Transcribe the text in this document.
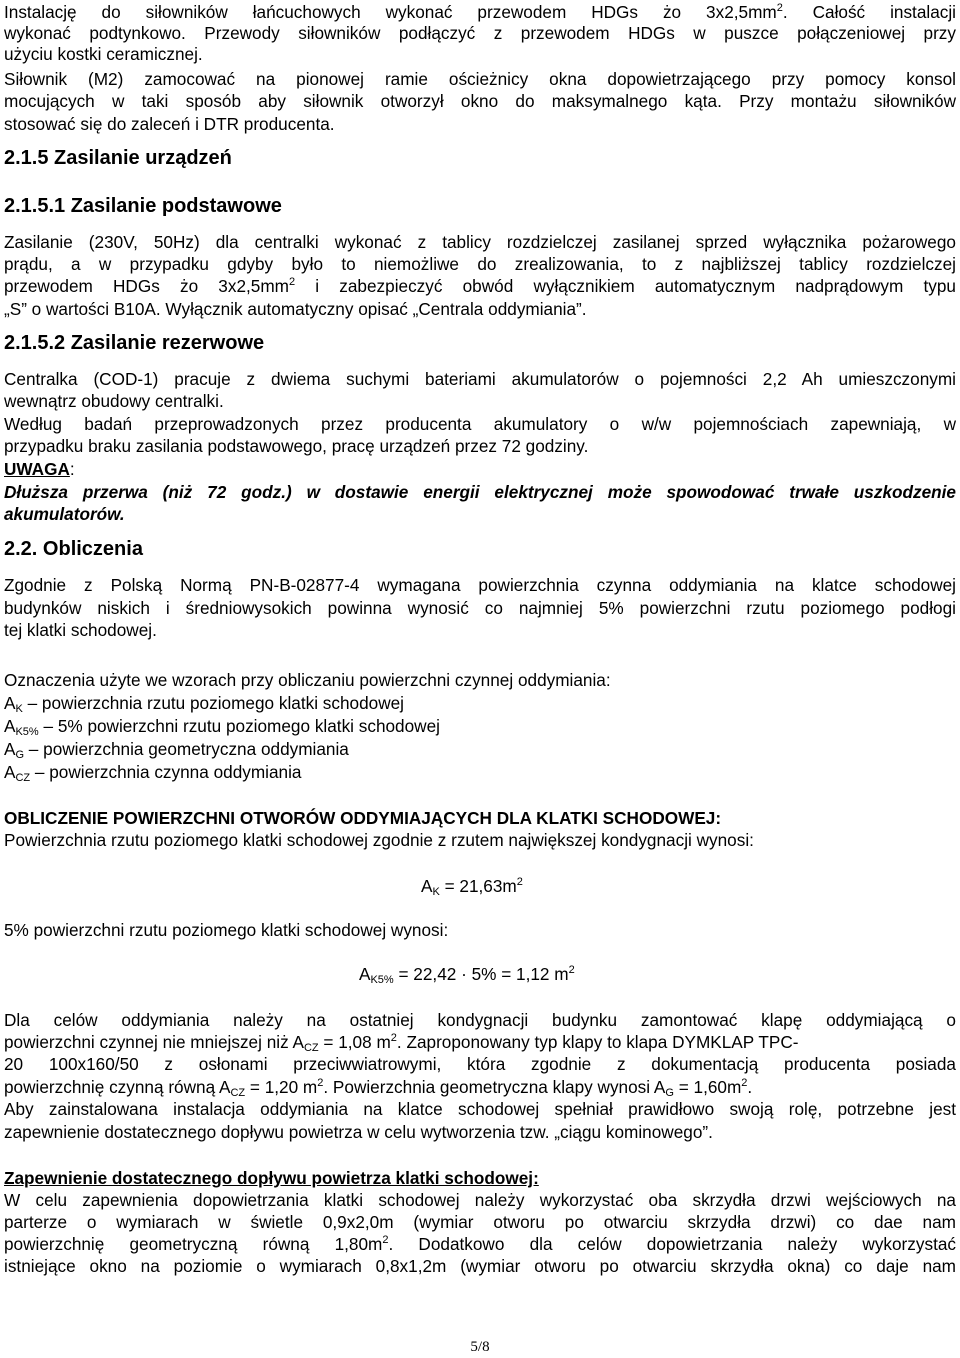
Instalację do siłowników łańcuchowych wykonać przewodem HDGs żo $3x2,5mm^2$. Całość instalacji
wykonać podtynkowo. Przewody siłowników podłączyć z przewodem HDGs w puszce połączeniowej przy
użyciu kostki ceramicznej.
Siłownik (M2) zamocować na pionowej ramie ościeżnicy okna dopowietrzającego przy pomocy konsol
mocujących w taki sposób aby siłownik otworzył okno do maksymalnego kąta. Przy montażu siłowników
stosować się do zaleceń i DTR producenta.
2.1.5 Zasilanie urządzeń
2.1.5.1 Zasilanie podstawowe
Zasilanie (230V, 50Hz) dla centralki wykonać z tablicy rozdzielczej zasilanej sprzed wyłącznika pożarowego
prądu, a w przypadku gdyby było to niemożliwe do zrealizowania, to z najbliższej tablicy rozdzielczej
przewodem HDGs żo $3x2,5mm^2$ i zabezpieczyć obwód wyłącznikiem automatycznym nadprądowym typu
„S” o wartości B10A. Wyłącznik automatyczny opisać „Centrala oddymiania”.
2.1.5.2 Zasilanie rezerwowe
Centralka (COD-1) pracuje z dwiema suchymi bateriami akumulatorów o pojemności 2,2 Ah umieszczonymi
wewnątrz obudowy centralki.
Według badań przeprowadzonych przez producenta akumulatory o w/w pojemnościach zapewniają, w
przypadku braku zasilania podstawowego, pracę urządzeń przez 72 godziny.
UWAGA:
Dłuższa przerwa (niż 72 godz.) w dostawie energii elektrycznej może spowodować trwałe uszkodzenie
akumulatorów.
2.2. Obliczenia
Zgodnie z Polską Normą PN-B-02877-4 wymagana powierzchnia czynna oddymiania na klatce schodowej
budynków niskich i średniowysokich powinna wynosić co najmniej 5% powierzchni rzutu poziomego podłogi
tej klatki schodowej.
Oznaczenia użyte we wzorach przy obliczaniu powierzchni czynnej oddymiania:
$A_K$ – powierzchnia rzutu poziomego klatki schodowej
$A_{K5\%} - 5\%$ powierzchni rzutu poziomego klatki schodowej
$A_G$ – powierzchnia geometryczna oddymiania
$A_{CZ}$ – powierzchnia czynna oddymiania
OBLICZENIE POWIERZCHNI OTWORÓW ODDYMIAJĄCYCH DLA KLATKI SCHODOWEJ:
Powierzchnia rzutu poziomego klatki schodowej zgodnie z rzutem największej kondygnacji wynosi:
$A_K = 21,63m^2$
5% powierzchni rzutu poziomego klatki schodowej wynosi:
$A_{K5\%} = 22,42 \cdot 5\% = 1,12$ $m^2$
Dla celów oddymiania należy na ostatniej kondygnacji budynku zamontować klapę oddymiającą o
powierzchni czynnej nie mniejszej niż $A_{CZ} = 1,08$ $m^2$. Zaproponowany typ klapy to klapa DYMKLAP TPC-
20 100x160/50 z osłonami przeciwwiatrowymi, która zgodnie z dokumentacją producenta posiada
powierzchnię czynną równą $A_{CZ} = 1,20$ $m^2$. Powierzchnia geometryczna klapy wynosi $A_G = 1,60m^2$.
Aby zainstalowana instalacja oddymiania na klatce schodowej spełniał prawidłowo swoją rolę, potrzebne jest
zapewnienie dostatecznego dopływu powietrza w celu wytworzenia tzw. „ciągu kominowego”.
Zapewnienie dostatecznego dopływu powietrza klatki schodowej:
W celu zapewnienia dopowietrzania klatki schodowej należy wykorzystać oba skrzydła drzwi wejściowych na
parterze o wymiarach w świetle 0,9x2,0m (wymiar otworu po otwarciu skrzydła drzwi) co dae nam
powierzchnię geometryczną równą $1,80m^2$. Dodatkowo dla celów dopowietrzania należy wykorzystać
istniejące okno na poziomie o wymiarach 0,8x1,2m (wymiar otworu po otwarciu skrzydła okna) co daje nam
5/8
